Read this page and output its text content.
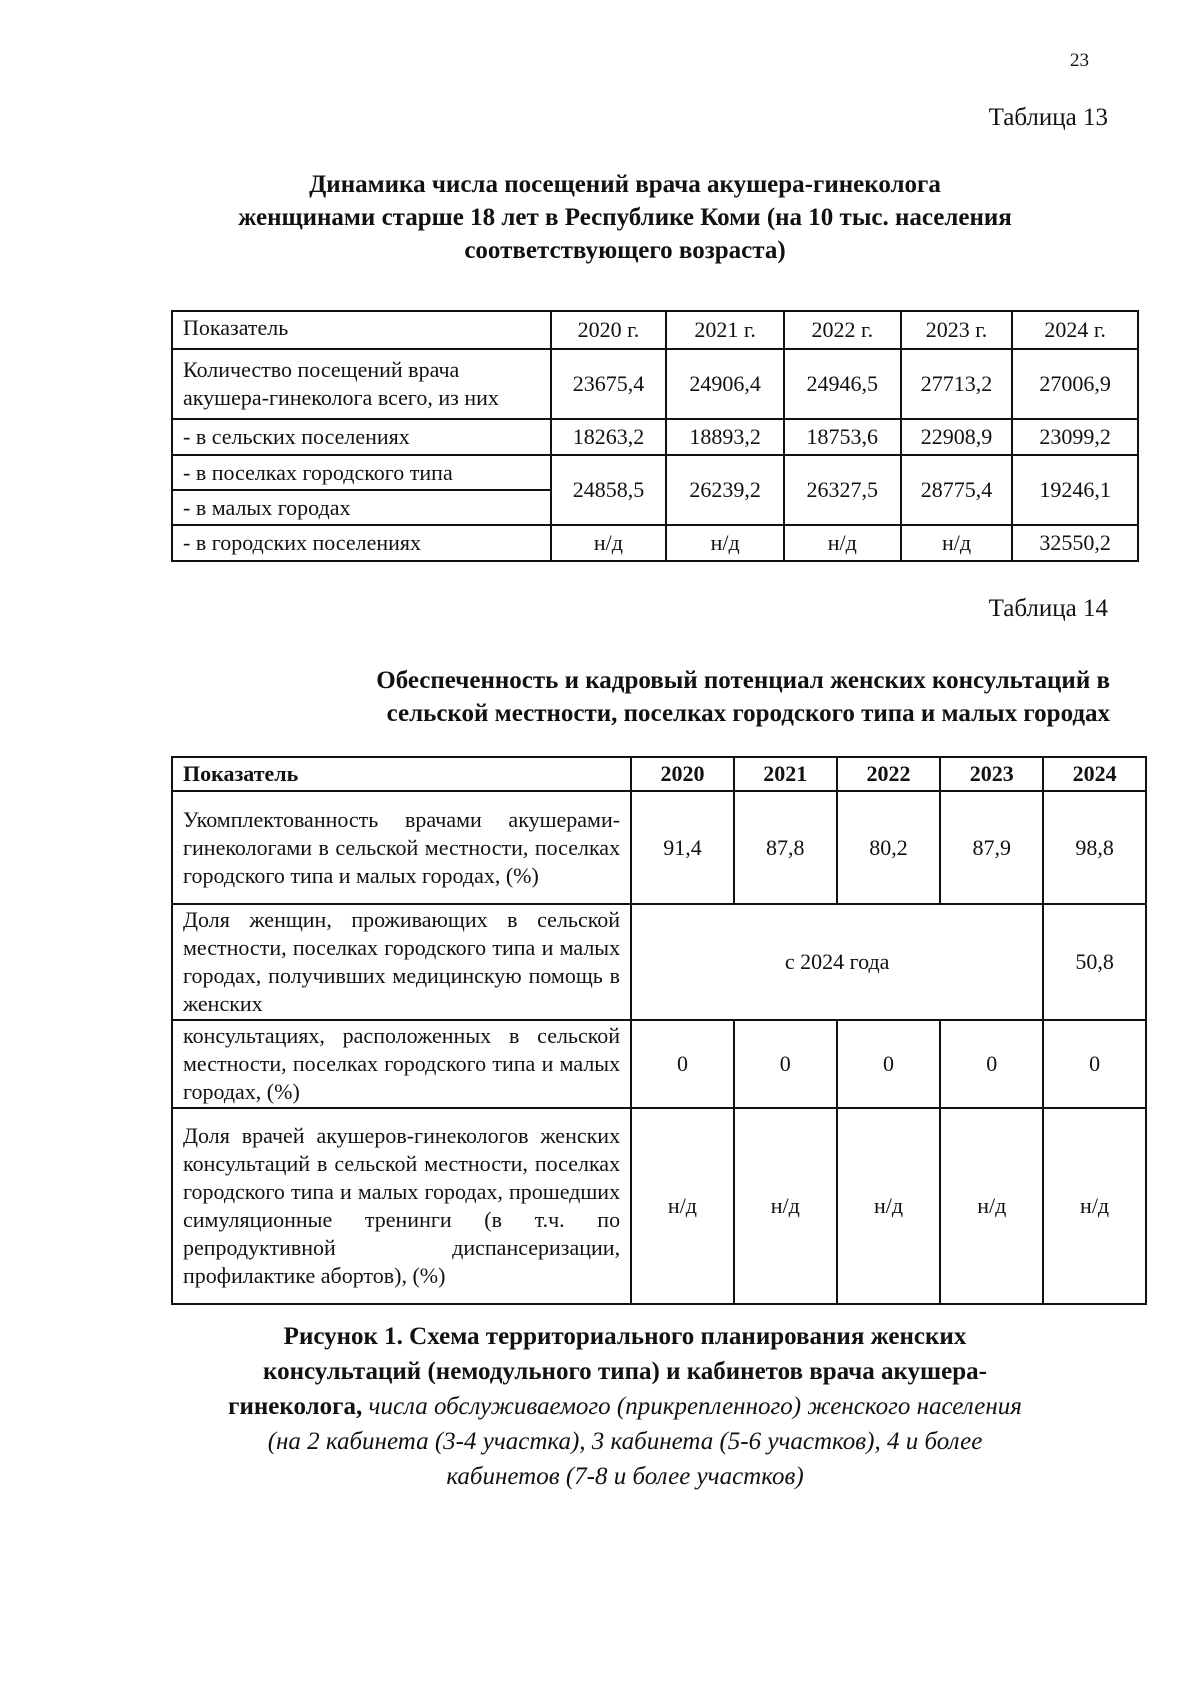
23
Таблица 13
Динамика числа посещений врача акушера-гинеколога
женщинами старше 18 лет в Республике Коми (на 10 тыс. населения
соответствующего возраста)
Показатель	2020 г.	2021 г.	2022 г.	2023 г.	2024 г.

Количество посещений врача
акушера-гинеколога всего, из них	23675,4	24906,4	24946,5	27713,2	27006,9
- в сельских поселениях	18263,2	18893,2	18753,6	22908,9	23099,2
- в поселках городского типа	24858,5	26239,2	26327,5	28775,4	19246,1
- в малых городах					
- в городских поселениях	н/д	н/д	н/д	н/д	32550,2
Таблица 14
Обеспеченность и кадровый потенциал женских консультаций в
сельской местности, поселках городского типа и малых городах
Показатель	2020	2021	2022	2023	2024
Укомплектованность врачами акушерами-гинекологами в сельской местности, поселках городского типа и малых городах, (%)	91,4	87,8	80,2	87,9	98,8
Доля женщин, проживающих в сельской местности, поселках городского типа и малых городах, получивших медицинскую помощь в женских	с 2024 года				50,8
консультациях, расположенных в сельской местности, поселках городского типа и малых городах, (%)	0	0	0	0	0
Доля врачей акушеров-гинекологов женских консультаций в сельской местности, поселках городского типа и малых городах, прошедших симуляционные тренинги (в т.ч. по репродуктивной диспансеризации, профилактике абортов), (%)	н/д	н/д	н/д	н/д	н/д
Рисунок 1. Схема территориального планирования женских
консультаций (немодульного типа) и кабинетов врача акушера-
гинеколога, числа обслуживаемого (прикрепленного) женского населения
(на 2 кабинета (3-4 участка), 3 кабинета (5-6 участков), 4 и более
кабинетов (7-8 и более участков)
